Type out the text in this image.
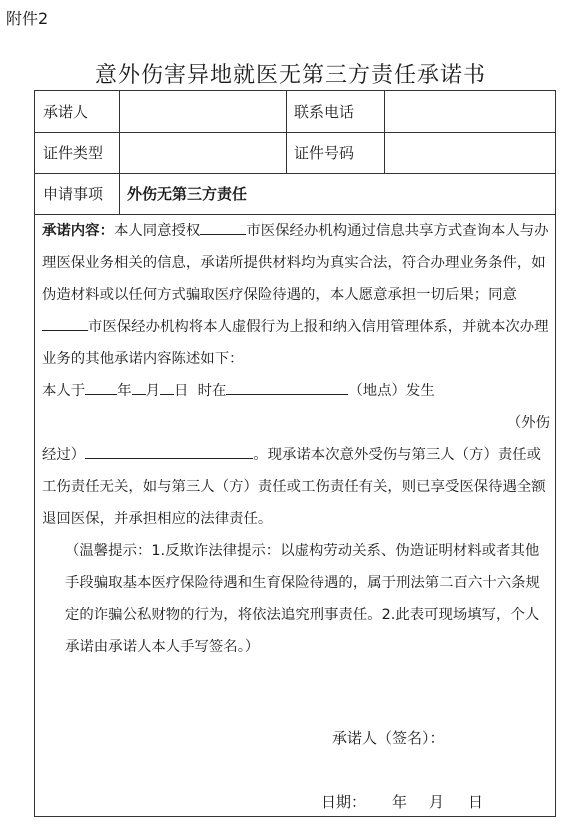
附件2
意外伤害异地就医无第三方责任承诺书
承诺人	联系电话
证件类型	证件号码
申请事项 外伤无第三方责任

承诺内容：本人同意授权	市医保经办机构通过信息共享方式查询本人与办理医保业务相关的信息，承诺所提供材料均为真实合法，符合办理业务条件，如伪造材料或以任何方式骗取医疗保险待遇的，本人愿意承担一切后果；同意市医保经办机构将本人虚假行为上报和纳入信用管理体系，并就本次办理业务的其他承诺内容陈述如下：

本人于 年 月 日 时在	（地点）发生

（外伤

经过）	。现承诺本次意外受伤与第三人（方）责任或工伤责任无关，如与第三人（方）责任或工伤责任有关，则已享受医保待遇全额退回医保，并承担相应的法律责任。

（温馨提示：1.反欺诈法律提示：以虚构劳动关系、伪造证明材料或者其他手段骗取基本医疗保险待遇和生育保险待遇的，属于刑法第二百六十六条规定的诈骗公私财物的行为，将依法追究刑事责任。2.此表可现场填写，个人承诺由承诺人本人手写签名。）

承诺人（签名）：
日期： 年 月 日
